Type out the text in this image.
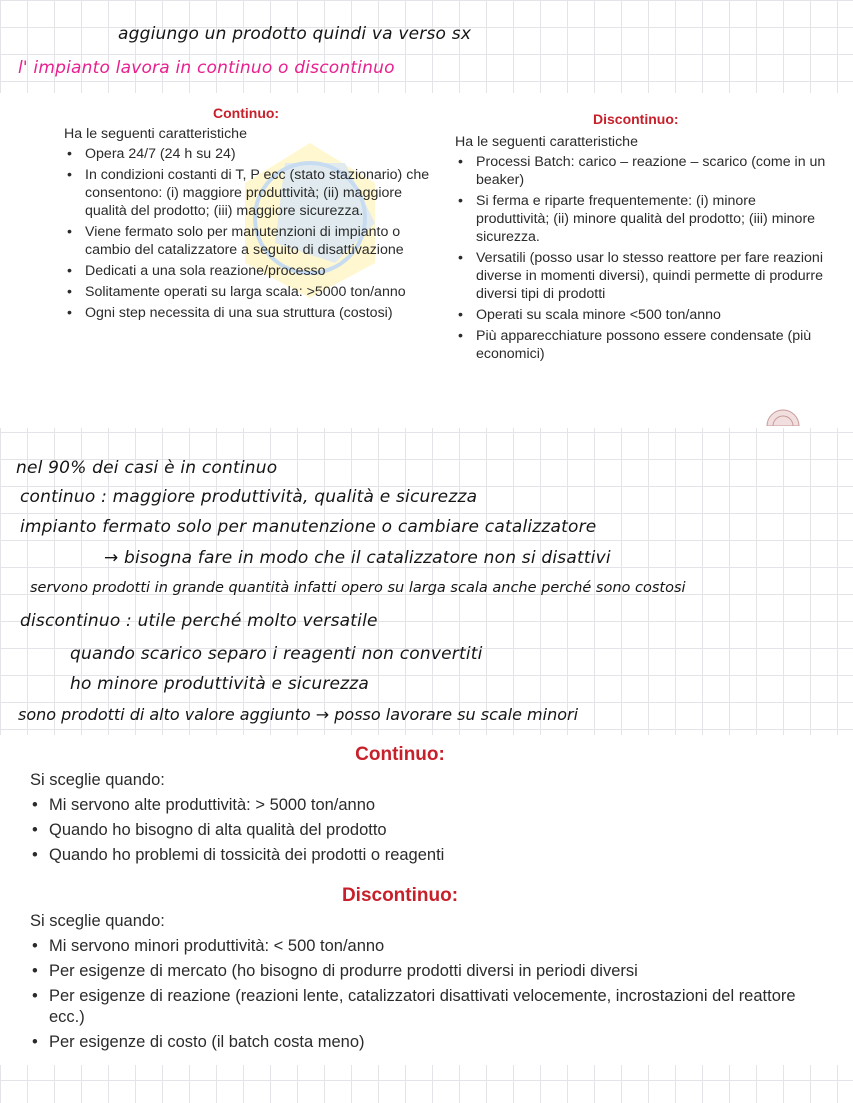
aggiungo un prodotto quindi va verso sx
l' impianto lavora in continuo o discontinuo
Continuo:

Ha le seguenti caratteristiche

• Opera 24/7 (24 h su 24)
• In condizioni costanti di T, P ecc (stato stazionario) che consentono: (i) maggiore produttività; (ii) maggiore qualità del prodotto; (iii) maggiore sicurezza.
• Viene fermato solo per manutenzioni di impianto o cambio del catalizzatore a seguito di disattivazione
• Dedicati a una sola reazione/processo
• Solitamente operati su larga scala: >5000 ton/anno
• Ogni step necessita di una sua struttura (costosi)
Discontinuo:

Ha le seguenti caratteristiche

• Processi Batch: carico – reazione – scarico (come in un beaker)
• Si ferma e riparte frequentemente: (i) minore produttività; (ii) minore qualità del prodotto; (iii) minore sicurezza.
• Versatili (posso usar lo stesso reattore per fare reazioni diverse in momenti diversi), quindi permette di produrre diversi tipi di prodotti
• Operati su scala minore <500 ton/anno
• Più apparecchiature possono essere condensate (più economici)
nel 90% dei casi è in continuo
continuo : maggiore produttività, qualità e sicurezza
impianto fermato solo per manutenzione o cambiare catalizzatore
→ bisogna fare in modo che il catalizzatore non si disattivi
servono prodotti in grande quantità infatti opero su larga scala anche perché sono costosi
discontinuo : utile perché molto versatile
quando scarico separo i reagenti non convertiti
ho minore produttività e sicurezza
sono prodotti di alto valore aggiunto → posso lavorare su scale minori
Continuo:

Si sceglie quando:

• Mi servono alte produttività: > 5000 ton/anno
• Quando ho bisogno di alta qualità del prodotto
• Quando ho problemi di tossicità dei prodotti o reagenti
Discontinuo:

Si sceglie quando:

• Mi servono minori produttività: < 500 ton/anno
• Per esigenze di mercato (ho bisogno di produrre prodotti diversi in periodi diversi
• Per esigenze di reazione (reazioni lente, catalizzatori disattivati velocemente, incrostazioni del reattore ecc.)
• Per esigenze di costo (il batch costa meno)
